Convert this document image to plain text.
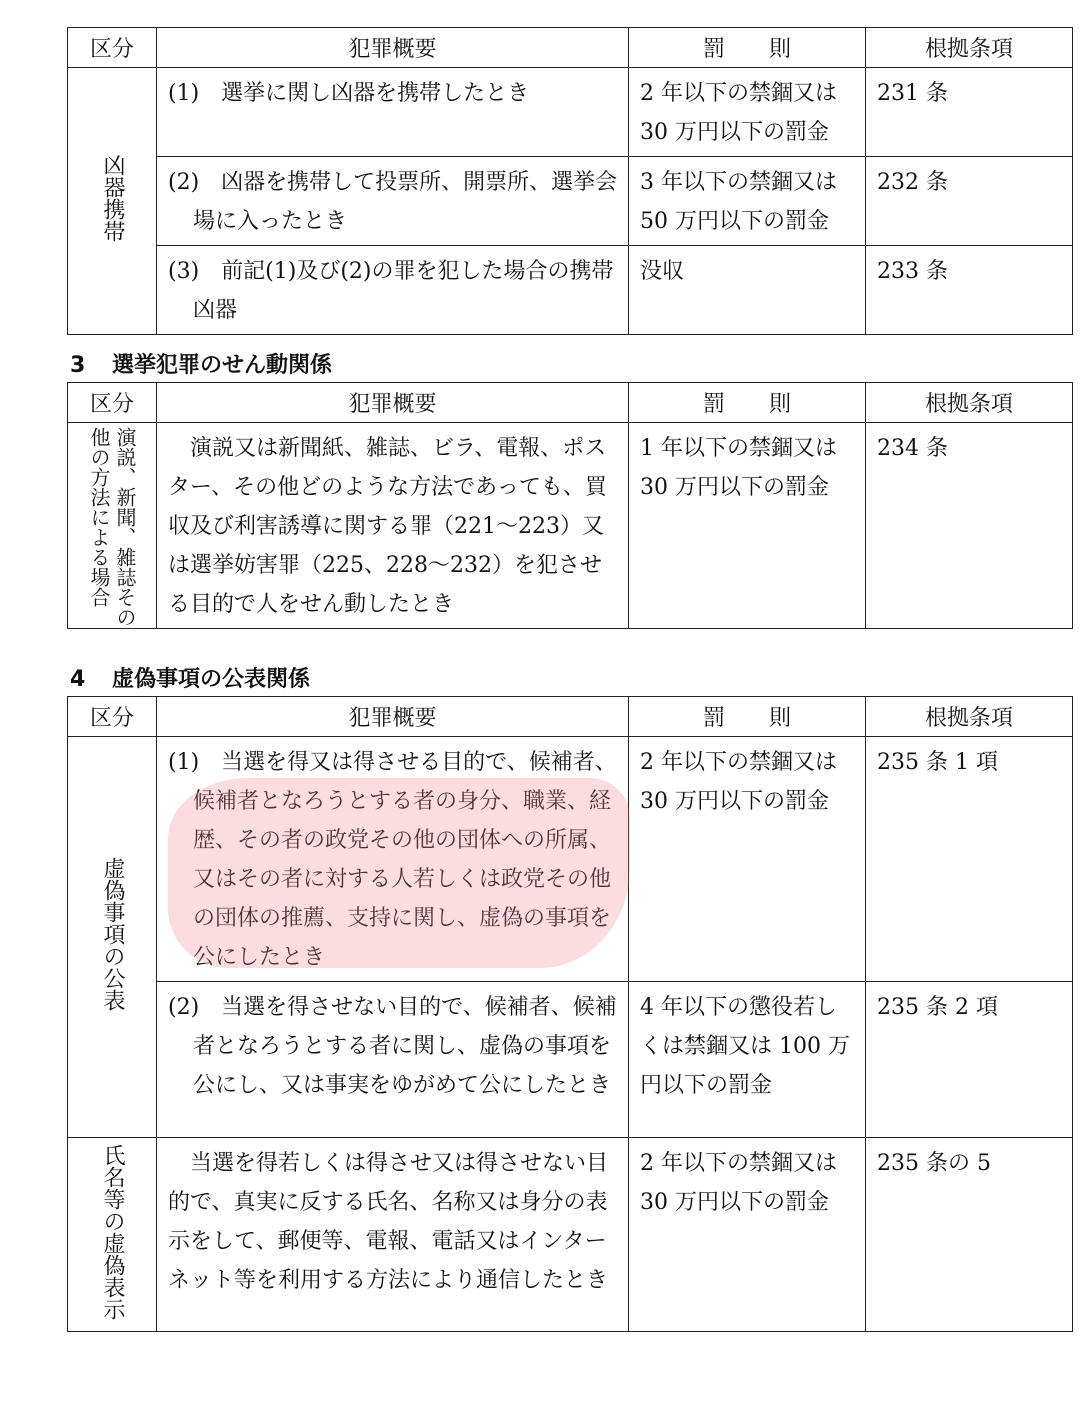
区分	犯罪概要	罰　　則	根拠条項
凶器携帯	(1)　選挙に関し凶器を携帯したとき	2 年以下の禁錮又は 30 万円以下の罰金	231 条

	(2)　凶器を携帯して投票所、開票所、選挙会場に入ったとき	3 年以下の禁錮又は 50 万円以下の罰金	232 条

	(3)　前記(1)及び(2)の罪を犯した場合の携帯凶器	没収	233 条
3 選挙犯罪のせん動関係
区分	犯罪概要	罰　　則	根拠条項

演説、新聞、雑誌その
他の方法による場合	演説又は新聞紙、雑誌、ビラ、電報、ポスター、その他どのような方法であっても、買収及び利害誘導に関する罪（221～223）又は選挙妨害罪（225、228～232）を犯させる目的で人をせん動したとき	1 年以下の禁錮又は 30 万円以下の罰金	234 条
4 虚偽事項の公表関係
区分	犯罪概要	罰　　則	根拠条項
虚偽事項の公表	(1)　当選を得又は得させる目的で、候補者、候補者となろうとする者の身分、職業、経歴、その者の政党その他の団体への所属、又はその者に対する人若しくは政党その他の団体の推薦、支持に関し、虚偽の事項を公にしたとき	2 年以下の禁錮又は 30 万円以下の罰金	235 条 1 項

	(2)　当選を得させない目的で、候補者、候補者となろうとする者に関し、虚偽の事項を公にし、又は事実をゆがめて公にしたとき	4 年以下の懲役若しくは禁錮又は 100 万円以下の罰金	235 条 2 項

氏名等の虚偽表示	当選を得若しくは得させ又は得させない目的で、真実に反する氏名、名称又は身分の表示をして、郵便等、電報、電話又はインターネット等を利用する方法により通信したとき	2 年以下の禁錮又は 30 万円以下の罰金	235 条の 5
